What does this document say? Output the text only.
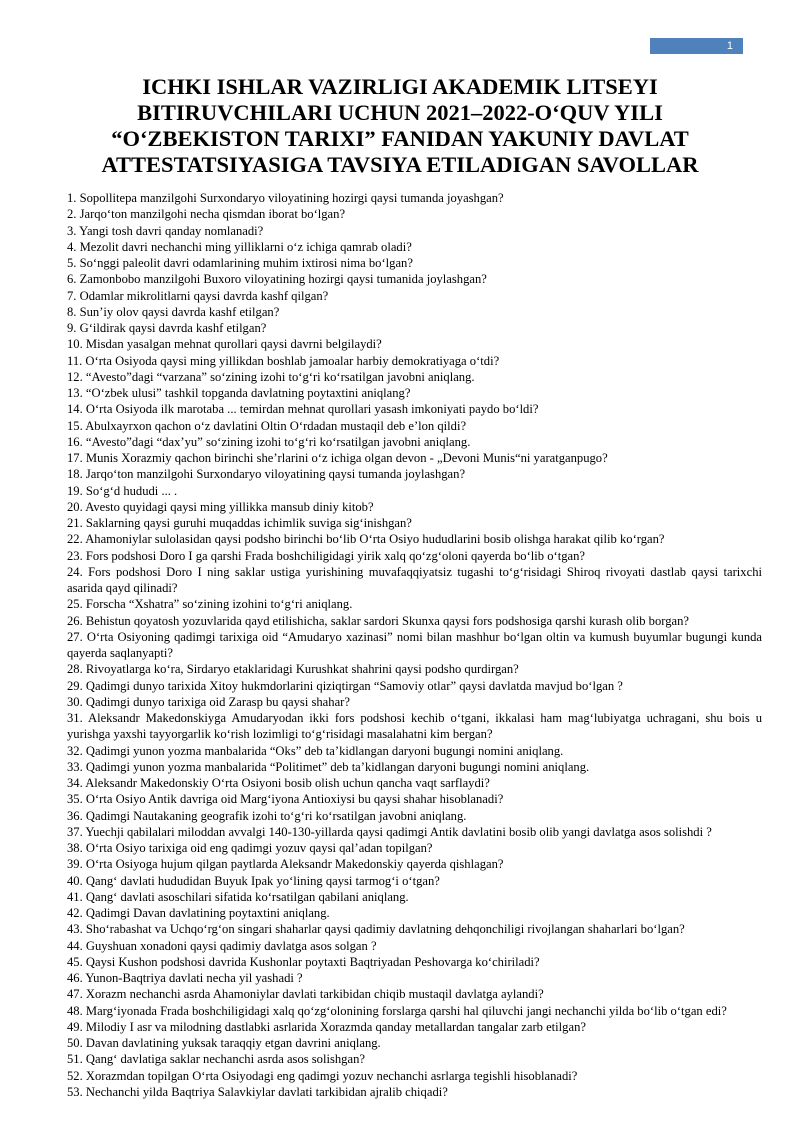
1
ICHKI ISHLAR VAZIRLIGI AKADEMIK LITSEYI BITIRUVCHILARI UCHUN 2021–2022-O‘QUV YILI “O‘ZBEKISTON TARIXI” FANIDAN YAKUNIY DAVLAT ATTESTATSIYASIGA TAVSIYA ETILADIGAN SAVOLLAR
1. Sopollitepa manzilgohi Surxondaryo viloyatining hozirgi qaysi tumanda joyashgan?
2. Jarqo‘ton manzilgohi necha qismdan iborat bo‘lgan?
3. Yangi tosh davri qanday nomlanadi?
4. Mezolit davri nechanchi ming yilliklarni o‘z ichiga qamrab oladi?
5. So‘nggi paleolit davri odamlarining muhim ixtirosi nima bo‘lgan?
6. Zamonbobo manzilgohi Buxoro viloyatining hozirgi qaysi tumanida joylashgan?
7. Odamlar mikrolitlarni qaysi davrda kashf qilgan?
8. Sun’iy olov qaysi davrda kashf etilgan?
9. G‘ildirak qaysi davrda kashf etilgan?
10. Misdan yasalgan mehnat qurollari qaysi davrni belgilaydi?
11. O‘rta Osiyoda qaysi ming yillikdan boshlab jamoalar harbiy demokratiyaga o‘tdi?
12. “Avesto”dagi “varzana” so‘zining izohi to‘g‘ri ko‘rsatilgan javobni aniqlang.
13. “O‘zbek ulusi” tashkil topganda davlatning poytaxtini aniqlang?
14. O‘rta Osiyoda ilk marotaba ... temirdan mehnat qurollari yasash imkoniyati paydo bo‘ldi?
15. Abulxayrxon qachon o‘z davlatini Oltin O‘rdadan mustaqil deb e’lon qildi?
16. “Avesto”dagi “dax’yu” so‘zining izohi to‘g‘ri ko‘rsatilgan javobni aniqlang.
17. Munis Xorazmiy qachon birinchi she’rlarini o‘z ichiga olgan devon - „Devoni Munis“ni yaratganpugo?
18. Jarqo‘ton manzilgohi Surxondaryo viloyatining qaysi tumanda joylashgan?
19. So‘g‘d hududi ... .
20. Avesto quyidagi qaysi ming yillikka mansub diniy kitob?
21. Saklarning qaysi guruhi muqaddas ichimlik suviga sig‘inishgan?
22. Ahamoniylar sulolasidan qaysi podsho birinchi bo‘lib O‘rta Osiyo hududlarini bosib olishga harakat qilib ko‘rgan?
23. Fors podshosi Doro I ga qarshi Frada boshchiligidagi yirik xalq qo‘zg‘oloni qayerda bo‘lib o‘tgan?
24. Fors podshosi Doro I ning saklar ustiga yurishining muvafaqqiyatsiz tugashi to‘g‘risidagi Shiroq rivoyati dastlab qaysi tarixchi asarida qayd qilinadi?
25. Forscha “Xshatra” so‘zining izohini to‘g‘ri aniqlang.
26. Behistun qoyatosh yozuvlarida qayd etilishicha, saklar sardori Skunxa qaysi fors podshosiga qarshi kurash olib borgan?
27. O‘rta Osiyoning qadimgi tarixiga oid “Amudaryo xazinasi” nomi bilan mashhur bo‘lgan oltin va kumush buyumlar bugungi kunda qayerda saqlanyapti?
28. Rivoyatlarga ko‘ra, Sirdaryo etaklaridagi Kurushkat shahrini qaysi podsho qurdirgan?
29. Qadimgi dunyo tarixida Xitoy hukmdorlarini qiziqtirgan “Samoviy otlar” qaysi davlatda mavjud bo‘lgan ?
30. Qadimgi dunyo tarixiga oid Zarasp bu qaysi shahar?
31. Aleksandr Makedonskiyga Amudaryodan ikki fors podshosi kechib o‘tgani, ikkalasi ham mag‘lubiyatga uchragani, shu bois u yurishga yaxshi tayyorgarlik ko‘rish lozimligi to‘g‘risidagi masalahatni kim bergan?
32. Qadimgi yunon yozma manbalarida “Oks” deb ta’kidlangan daryoni bugungi nomini aniqlang.
33. Qadimgi yunon yozma manbalarida “Politimet” deb ta’kidlangan daryoni bugungi nomini aniqlang.
34. Aleksandr Makedonskiy O‘rta Osiyoni bosib olish uchun qancha vaqt sarflaydi?
35. O‘rta Osiyo Antik davriga oid Marg‘iyona Antioxiysi bu qaysi shahar hisoblanadi?
36. Qadimgi Nautakaning geografik izohi to‘g‘ri ko‘rsatilgan javobni aniqlang.
37. Yuechji qabilalari miloddan avvalgi 140-130-yillarda qaysi qadimgi Antik davlatini bosib olib yangi davlatga asos solishdi ?
38. O‘rta Osiyo tarixiga oid eng qadimgi yozuv qaysi qal’adan topilgan?
39. O‘rta Osiyoga hujum qilgan paytlarda Aleksandr Makedonskiy qayerda qishlagan?
40. Qang‘ davlati hududidan Buyuk Ipak yo‘lining qaysi tarmog‘i o‘tgan?
41. Qang‘ davlati asoschilari sifatida ko‘rsatilgan qabilani aniqlang.
42. Qadimgi Davan davlatining poytaxtini aniqlang.
43. Sho‘rabashat va Uchqo‘rg‘on singari shaharlar qaysi qadimiy davlatning dehqonchiligi rivojlangan shaharlari bo‘lgan?
44. Guyshuan xonadoni qaysi qadimiy davlatga asos solgan ?
45. Qaysi Kushon podshosi davrida Kushonlar poytaxti Baqtriyadan Peshovarga ko‘chiriladi?
46. Yunon-Baqtriya davlati necha yil yashadi ?
47. Xorazm nechanchi asrda Ahamoniylar davlati tarkibidan chiqib mustaqil davlatga aylandi?
48. Marg‘iyonada Frada boshchiligidagi xalq qo‘zg‘olonining forslarga qarshi hal qiluvchi jangi nechanchi yilda bo‘lib o‘tgan edi?
49. Milodiy I asr va milodning dastlabki asrlarida Xorazmda qanday metallardan tangalar zarb etilgan?
50. Davan davlatining yuksak taraqqiy etgan davrini aniqlang.
51. Qang‘ davlatiga saklar nechanchi asrda asos solishgan?
52. Xorazmdan topilgan O‘rta Osiyodagi eng qadimgi yozuv nechanchi asrlarga tegishli hisoblanadi?
53. Nechanchi yilda Baqtriya Salavkiylar davlati tarkibidan ajralib chiqadi?
